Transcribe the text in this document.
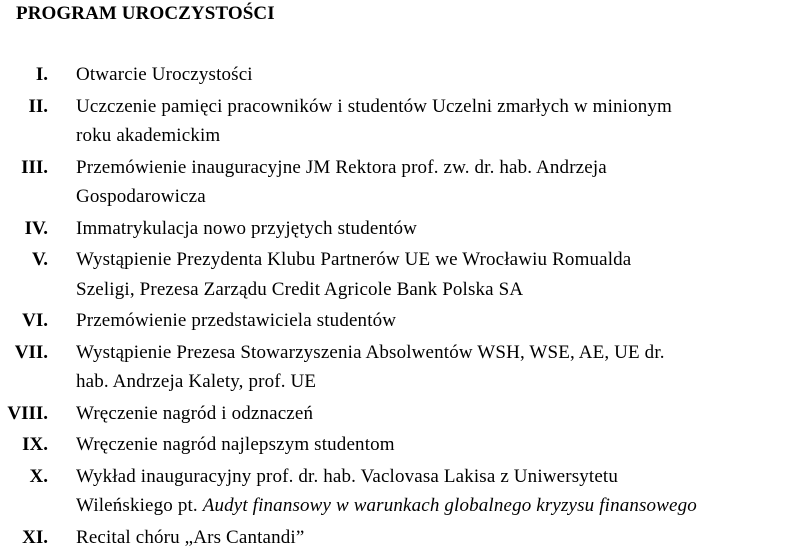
PROGRAM UROCZYSTOŚCI
I. Otwarcie Uroczystości
II. Uczczenie pamięci pracowników i studentów Uczelni zmarłych w minionym
roku akademickim
III. Przemówienie inauguracyjne JM Rektora prof. zw. dr. hab. Andrzeja
Gospodarowicza
IV. Immatrykulacja nowo przyjętych studentów
V. Wystąpienie Prezydenta Klubu Partnerów UE we Wrocławiu Romualda
Szeligi, Prezesa Zarządu Credit Agricole Bank Polska SA
VI. Przemówienie przedstawiciela studentów
VII. Wystąpienie Prezesa Stowarzyszenia Absolwentów WSH, WSE, AE, UE dr.
hab. Andrzeja Kalety, prof. UE
VIII. Wręczenie nagród i odznaczeń
IX. Wręczenie nagród najlepszym studentom
X. Wykład inauguracyjny prof. dr. hab. Vaclovasa Lakisa z Uniwersytetu
Wileńskiego pt. Audyt finansowy w warunkach globalnego kryzysu finansowego
XI. Recital chóru „Ars Cantandi”
